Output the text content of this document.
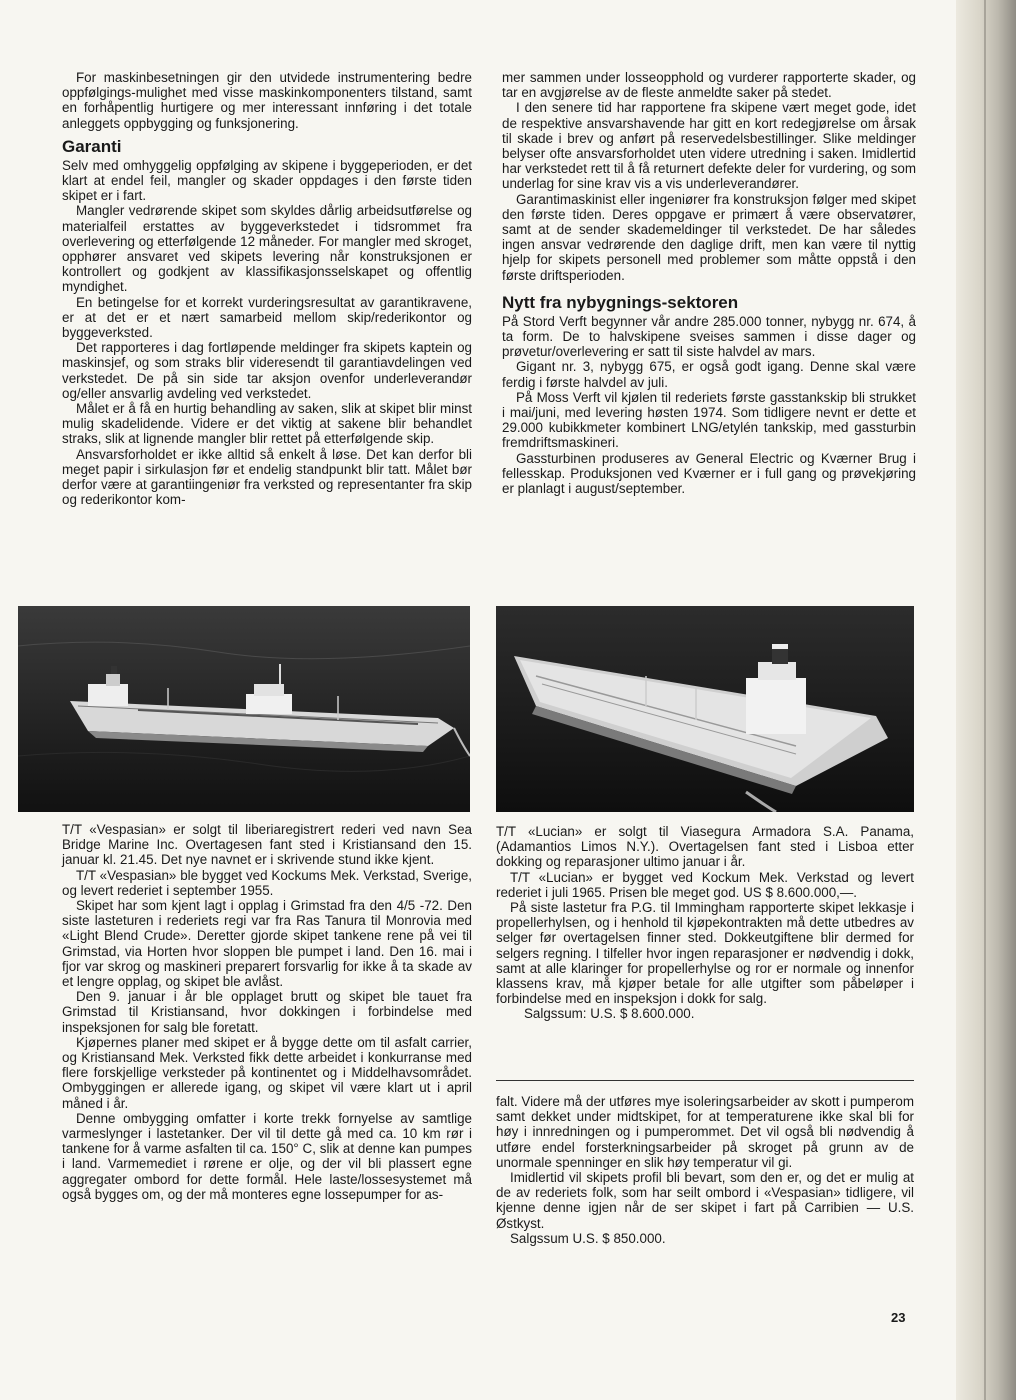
For maskinbesetningen gir den utvidede instrumentering bedre oppfølgings-mulighet med visse maskinkomponenters tilstand, samt en forhåpentlig hurtigere og mer interessant innføring i det totale anleggets oppbygging og funksjonering.

Garanti

Selv med omhyggelig oppfølging av skipene i byggeperioden, er det klart at endel feil, mangler og skader oppdages i den første tiden skipet er i fart.

Mangler vedrørende skipet som skyldes dårlig arbeidsutførelse og materialfeil erstattes av byggeverkstedet i tidsrommet fra overlevering og etterfølgende 12 måneder. For mangler med skroget, opphører ansvaret ved skipets levering når konstruksjonen er kontrollert og godkjent av klassifikasjonsselskapet og offentlig myndighet.

En betingelse for et korrekt vurderingsresultat av garantikravene, er at det er et nært samarbeid mellom skip/rederikontor og byggeverksted.

Det rapporteres i dag fortløpende meldinger fra skipets kaptein og maskinsjef, og som straks blir videresendt til garantiavdelingen ved verkstedet. De på sin side tar aksjon ovenfor underleverandør og/eller ansvarlig avdeling ved verkstedet.

Målet er å få en hurtig behandling av saken, slik at skipet blir minst mulig skadelidende. Videre er det viktig at sakene blir behandlet straks, slik at lignende mangler blir rettet på etterfølgende skip.

Ansvarsforholdet er ikke alltid så enkelt å løse. Det kan derfor bli meget papir i sirkulasjon før et endelig standpunkt blir tatt. Målet bør derfor være at garantiingeniør fra verksted og representanter fra skip og rederikontor kom-

mer sammen under losseopphold og vurderer rapporterte skader, og tar en avgjørelse av de fleste anmeldte saker på stedet.

I den senere tid har rapportene fra skipene vært meget gode, idet de respektive ansvarshavende har gitt en kort redegjørelse om årsak til skade i brev og anført på reservedelsbestillinger. Slike meldinger belyser ofte ansvarsforholdet uten videre utredning i saken. Imidlertid har verkstedet rett til å få returnert defekte deler for vurdering, og som underlag for sine krav vis a vis underleverandører.

Garantimaskinist eller ingeniører fra konstruksjon følger med skipet den første tiden. Deres oppgave er primært å være observatører, samt at de sender skademeldinger til verkstedet. De har således ingen ansvar vedrørende den daglige drift, men kan være til nyttig hjelp for skipets personell med problemer som måtte oppstå i den første driftsperioden.

Nytt fra nybygnings-sektoren

På Stord Verft begynner vår andre 285.000 tonner, nybygg nr. 674, å ta form. De to halvskipene sveises sammen i disse dager og prøvetur/overlevering er satt til siste halvdel av mars.

Gigant nr. 3, nybygg 675, er også godt igang. Denne skal være ferdig i første halvdel av juli.

På Moss Verft vil kjølen til rederiets første gasstankskip bli strukket i mai/juni, med levering høsten 1974. Som tidligere nevnt er dette et 29.000 kubikkmeter kombinert LNG/etylén tankskip, med gassturbin fremdriftsmaskineri.

Gassturbinen produseres av General Electric og Kværner Brug i fellesskap. Produksjonen ved Kværner er i full gang og prøvekjøring er planlagt i august/september.

T/T «Vespasian» er solgt til liberiaregistrert rederi ved navn Sea Bridge Marine Inc. Overtagesen fant sted i Kristiansand den 15. januar kl. 21.45. Det nye navnet er i skrivende stund ikke kjent.

T/T «Vespasian» ble bygget ved Kockums Mek. Verkstad, Sverige, og levert rederiet i september 1955.

Skipet har som kjent lagt i opplag i Grimstad fra den 4/5 -72. Den siste lasteturen i rederiets regi var fra Ras Tanura til Monrovia med «Light Blend Crude». Deretter gjorde skipet tankene rene på vei til Grimstad, via Horten hvor sloppen ble pumpet i land. Den 16. mai i fjor var skrog og maskineri preparert forsvarlig for ikke å ta skade av et lengre opplag, og skipet ble avlåst.

Den 9. januar i år ble opplaget brutt og skipet ble tauet fra Grimstad til Kristiansand, hvor dokkingen i forbindelse med inspeksjonen for salg ble foretatt.

Kjøpernes planer med skipet er å bygge dette om til asfalt carrier, og Kristiansand Mek. Verksted fikk dette arbeidet i konkurranse med flere forskjellige verksteder på kontinentet og i Middelhavsområdet. Ombyggingen er allerede igang, og skipet vil være klart ut i april måned i år.

Denne ombygging omfatter i korte trekk fornyelse av samtlige varmeslynger i lastetanker. Der vil til dette gå med ca. 10 km rør i tankene for å varme asfalten til ca. 150° C, slik at denne kan pumpes i land. Varmemediet i rørene er olje, og der vil bli plassert egne aggregater ombord for dette formål. Hele laste/lossesystemet må også bygges om, og der må monteres egne lossepumper for as-

T/T «Lucian» er solgt til Viasegura Armadora S.A. Panama, (Adamantios Limos N.Y.). Overtagelsen fant sted i Lisboa etter dokking og reparasjoner ultimo januar i år.

T/T «Lucian» er bygget ved Kockum Mek. Verkstad og levert rederiet i juli 1965. Prisen ble meget god. US $ 8.600.000,—.

På siste lastetur fra P.G. til Immingham rapporterte skipet lekkasje i propellerhylsen, og i henhold til kjøpekontrakten må dette utbedres av selger før overtagelsen finner sted. Dokkeutgiftene blir dermed for selgers regning. I tilfeller hvor ingen reparasjoner er nødvendig i dokk, samt at alle klaringer for propellerhylse og ror er normale og innenfor klassens krav, må kjøper betale for alle utgifter som påbeløper i forbindelse med en inspeksjon i dokk for salg.

Salgssum: U.S. $ 8.600.000.

falt. Videre må der utføres mye isoleringsarbeider av skott i pumperom samt dekket under midtskipet, for at temperaturene ikke skal bli for høy i innredningen og i pumperommet. Det vil også bli nødvendig å utføre endel forsterkningsarbeider på skroget på grunn av de unormale spenninger en slik høy temperatur vil gi.

Imidlertid vil skipets profil bli bevart, som den er, og det er mulig at de av rederiets folk, som har seilt ombord i «Vespasian» tidligere, vil kjenne denne igjen når de ser skipet i fart på Carribien — U.S. Østkyst.

Salgssum U.S. $ 850.000.

23
